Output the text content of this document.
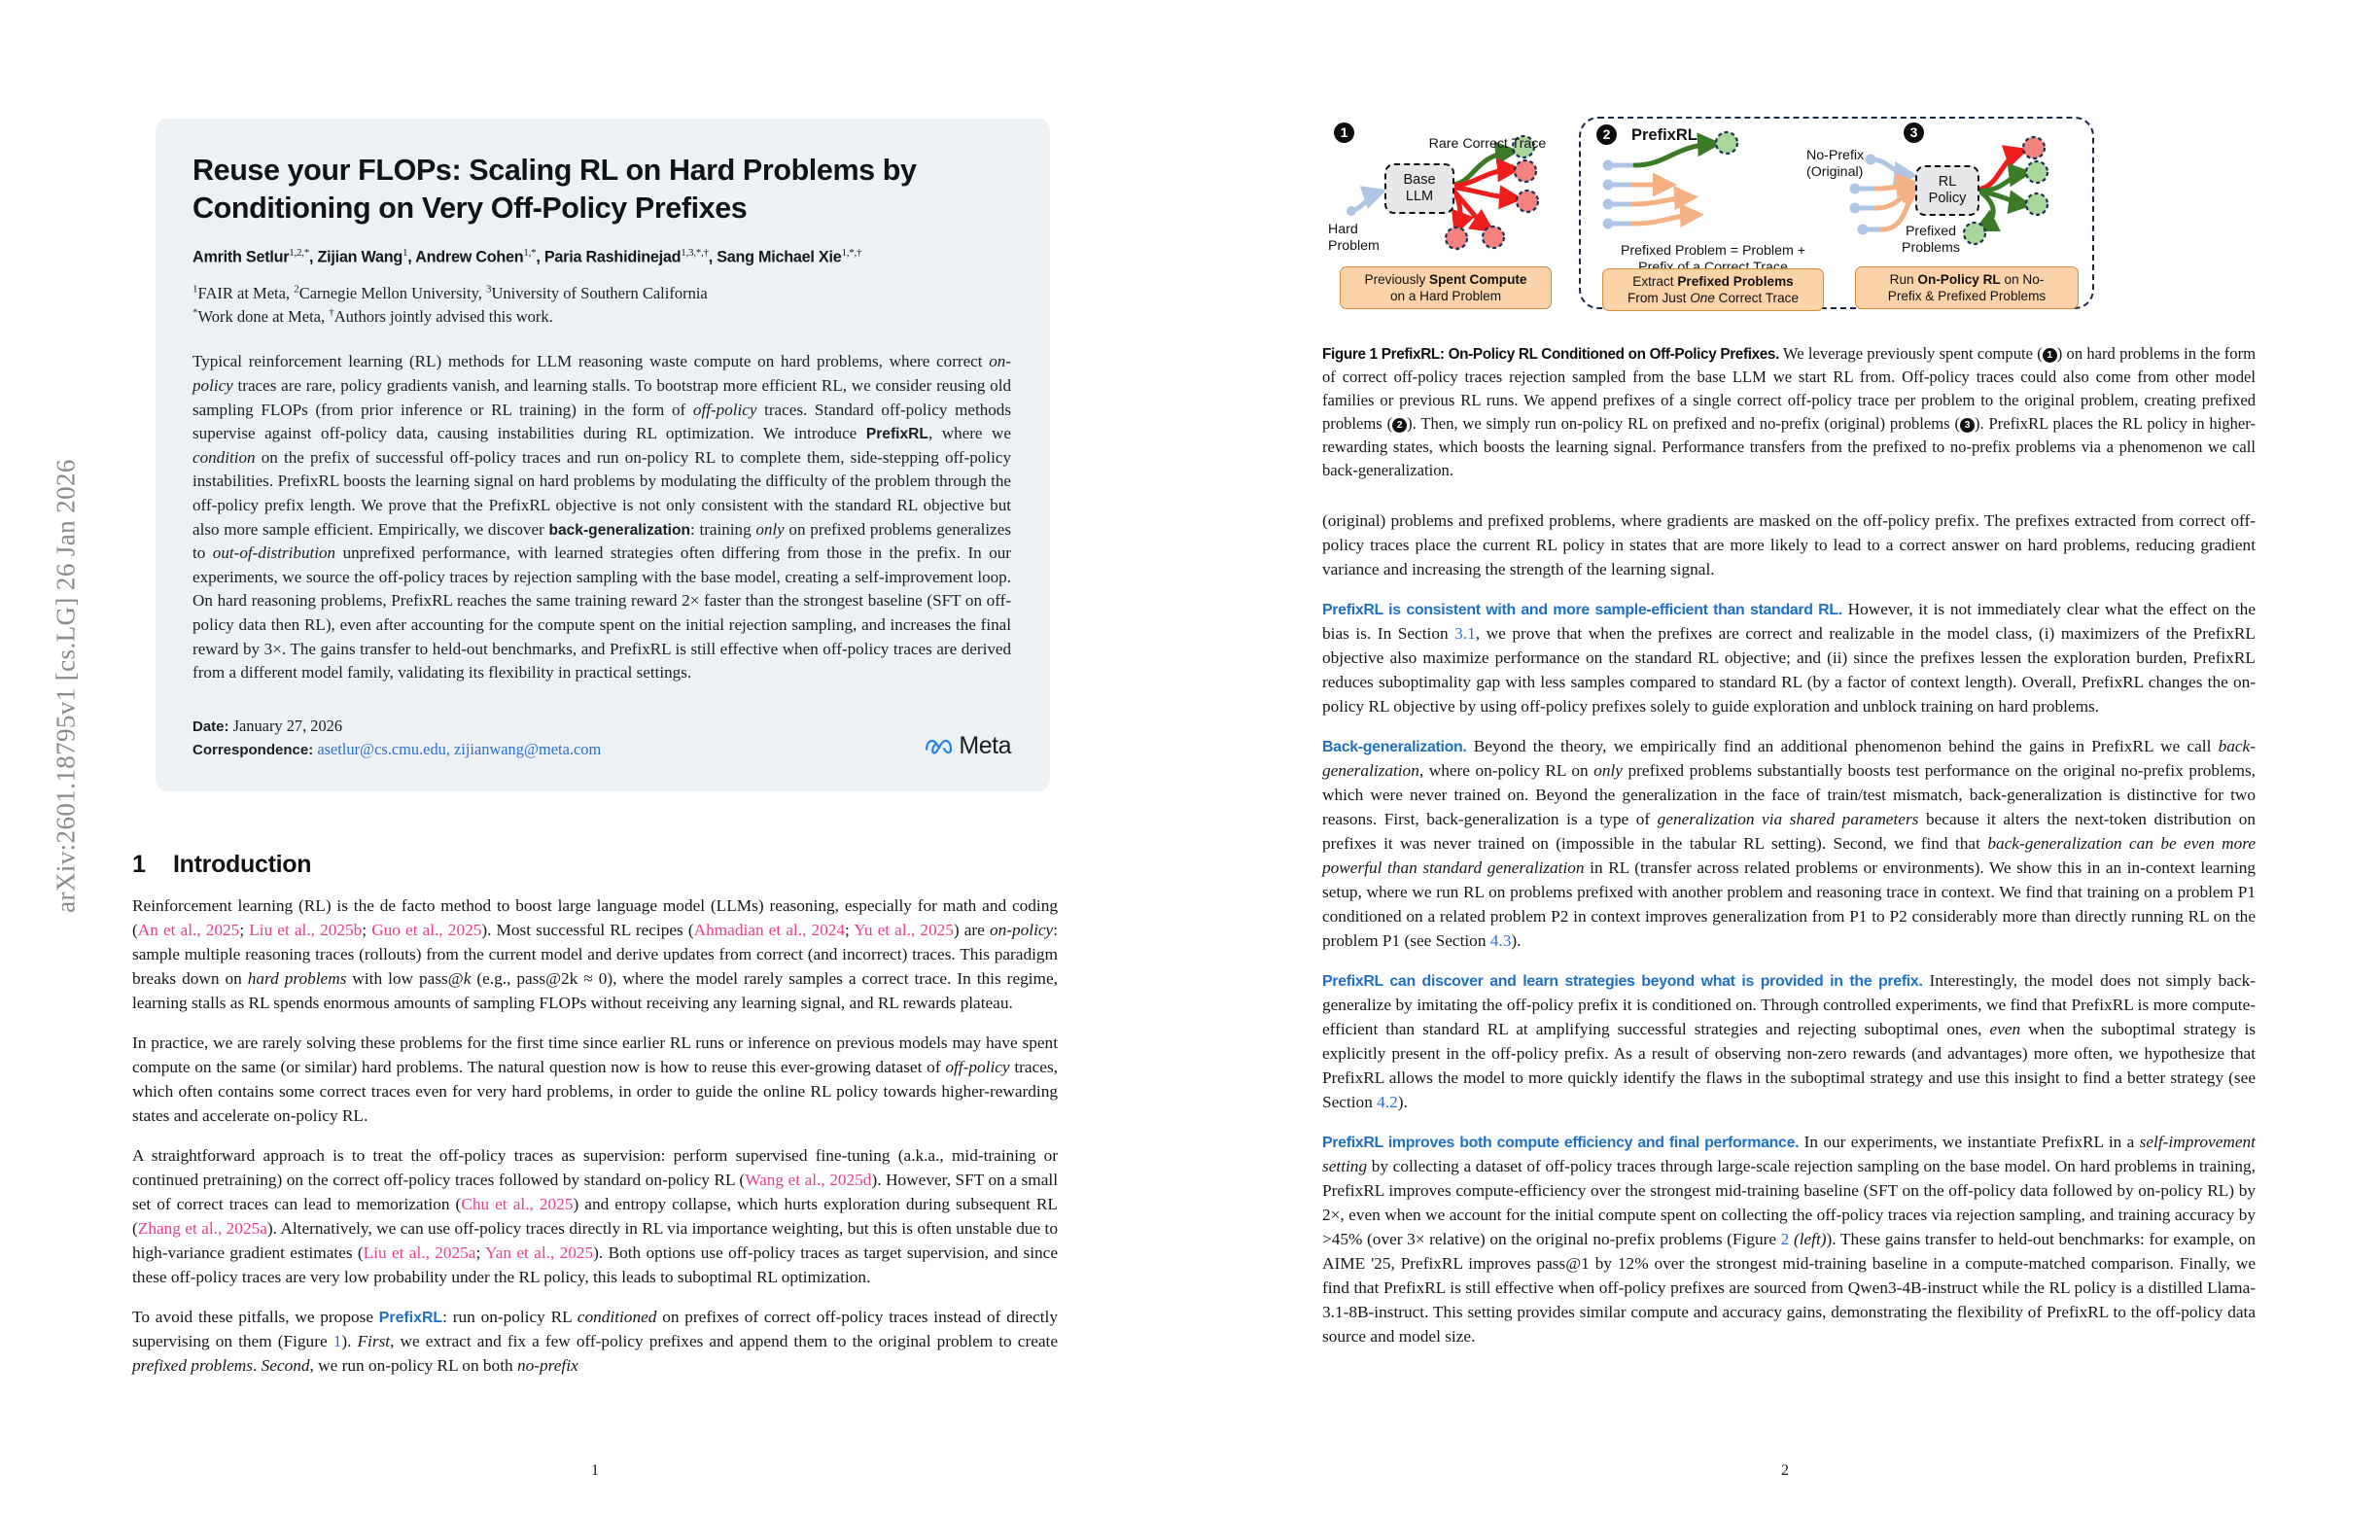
arXiv:2601.18795v1 [cs.LG] 26 Jan 2026
Reuse your FLOPs: Scaling RL on Hard Problems by Conditioning on Very Off-Policy Prefixes
Amrith Setlur$^{1,2,*}$, Zijian Wang$^1$, Andrew Cohen$^{1,*}$, Paria Rashidinejad$^{1,3,*,\dagger}$, Sang Michael Xie$^{1,*,\dagger}$
$^1$FAIR at Meta, $^2$Carnegie Mellon University, $^3$University of Southern California
*Work done at Meta, †Authors jointly advised this work.
Typical reinforcement learning (RL) methods for LLM reasoning waste compute on hard problems, where correct on-policy traces are rare, policy gradients vanish, and learning stalls. To bootstrap more efficient RL, we consider reusing old sampling FLOPs (from prior inference or RL training) in the form of off-policy traces. Standard off-policy methods supervise against off-policy data, causing instabilities during RL optimization. We introduce PrefixRL, where we condition on the prefix of successful off-policy traces and run on-policy RL to complete them, side-stepping off-policy instabilities. PrefixRL boosts the learning signal on hard problems by modulating the difficulty of the problem through the off-policy prefix length. We prove that the PrefixRL objective is not only consistent with the standard RL objective but also more sample efficient. Empirically, we discover back-generalization: training only on prefixed problems generalizes to out-of-distribution unprefixed performance, with learned strategies often differing from those in the prefix. In our experiments, we source the off-policy traces by rejection sampling with the base model, creating a self-improvement loop. On hard reasoning problems, PrefixRL reaches the same training reward 2× faster than the strongest baseline (SFT on off-policy data then RL), even after accounting for the compute spent on the initial rejection sampling, and increases the final reward by 3×. The gains transfer to held-out benchmarks, and PrefixRL is still effective when off-policy traces are derived from a different model family, validating its flexibility in practical settings.
Date: January 27, 2026
Correspondence: asetlur@cs.cmu.edu, zijianwang@meta.com	Meta
1 Introduction

Reinforcement learning (RL) is the de facto method to boost large language model (LLMs) reasoning, especially for math and coding (An et al., 2025; Liu et al., 2025b; Guo et al., 2025). Most successful RL recipes (Ahmadian et al., 2024; Yu et al., 2025) are on-policy: sample multiple reasoning traces (rollouts) from the current model and derive updates from correct (and incorrect) traces. This paradigm breaks down on hard problems with low pass@k (e.g., pass@2k ≈ 0), where the model rarely samples a correct trace. In this regime, learning stalls as RL spends enormous amounts of sampling FLOPs without receiving any learning signal, and RL rewards plateau.

In practice, we are rarely solving these problems for the first time since earlier RL runs or inference on previous models may have spent compute on the same (or similar) hard problems. The natural question now is how to reuse this ever-growing dataset of off-policy traces, which often contains some correct traces even for very hard problems, in order to guide the online RL policy towards higher-rewarding states and accelerate on-policy RL.

A straightforward approach is to treat the off-policy traces as supervision: perform supervised fine-tuning (a.k.a., mid-training or continued pretraining) on the correct off-policy traces followed by standard on-policy RL (Wang et al., 2025d). However, SFT on a small set of correct traces can lead to memorization (Chu et al., 2025) and entropy collapse, which hurts exploration during subsequent RL (Zhang et al., 2025a). Alternatively, we can use off-policy traces directly in RL via importance weighting, but this is often unstable due to high-variance gradient estimates (Liu et al., 2025a; Yan et al., 2025). Both options use off-policy traces as target supervision, and since these off-policy traces are very low probability under the RL policy, this leads to suboptimal RL optimization.

To avoid these pitfalls, we propose PrefixRL: run on-policy RL conditioned on prefixes of correct off-policy traces instead of directly supervising on them (Figure 1). First, we extract and fix a few off-policy prefixes and append them to the original problem to create prefixed problems. Second, we run on-policy RL on both no-prefix

1
1	2	3
PrefixRL
Rare Correct Trace
Base
LLM
Hard
Problem
Previously Spent Compute
on a Hard Problem
Prefixed Problem = Problem +
Extract Prefixed Problems
From Just One Correct Trace
No-Prefix
(Original)
RL
Policy
Prefixed
Problems
Run On-Policy RL on No-
Prefix & Prefixed Problems
Figure 1 PrefixRL: On-Policy RL Conditioned on Off-Policy Prefixes. We leverage previously spent compute ( 1 ) on hard problems in the form of correct off-policy traces rejection sampled from the base LLM we start RL from. Off-policy traces could also come from other model families or previous RL runs. We append prefixes of a single correct off-policy trace per problem to the original problem, creating prefixed problems ( 2 ). Then, we simply run on-policy RL on prefixed and no-prefix (original) problems ( 3 ). PrefixRL places the RL policy in higher-rewarding states, which boosts the learning signal. Performance transfers from the prefixed to no-prefix problems via a phenomenon we call back-generalization.

(original) problems and prefixed problems, where gradients are masked on the off-policy prefix. The prefixes extracted from correct off-policy traces place the current RL policy in states that are more likely to lead to a correct answer on hard problems, reducing gradient variance and increasing the strength of the learning signal.

PrefixRL is consistent with and more sample-efficient than standard RL. However, it is not immediately clear what the effect on the bias is. In Section 3.1, we prove that when the prefixes are correct and realizable in the model class, (i) maximizers of the PrefixRL objective also maximize performance on the standard RL objective; and (ii) since the prefixes lessen the exploration burden, PrefixRL reduces suboptimality gap with less samples compared to standard RL (by a factor of context length). Overall, PrefixRL changes the on-policy RL objective by using off-policy prefixes solely to guide exploration and unblock training on hard problems.

Back-generalization. Beyond the theory, we empirically find an additional phenomenon behind the gains in PrefixRL we call back-generalization, where on-policy RL on only prefixed problems substantially boosts test performance on the original no-prefix problems, which were never trained on. Beyond the generalization in the face of train/test mismatch, back-generalization is distinctive for two reasons. First, back-generalization is a type of generalization via shared parameters because it alters the next-token distribution on prefixes it was never trained on (impossible in the tabular RL setting). Second, we find that back-generalization can be even more powerful than standard generalization in RL (transfer across related problems or environments). We show this in an in-context learning setup, where we run RL on problems prefixed with another problem and reasoning trace in context. We find that training on a problem P1 conditioned on a related problem P2 in context improves generalization from P1 to P2 considerably more than directly running RL on the problem P1 (see Section 4.3).

PrefixRL can discover and learn strategies beyond what is provided in the prefix. Interestingly, the model does not simply back-generalize by imitating the off-policy prefix it is conditioned on. Through controlled experiments, we find that PrefixRL is more compute-efficient than standard RL at amplifying successful strategies and rejecting suboptimal ones, even when the suboptimal strategy is explicitly present in the off-policy prefix. As a result of observing non-zero rewards (and advantages) more often, we hypothesize that PrefixRL allows the model to more quickly identify the flaws in the suboptimal strategy and use this insight to find a better strategy (see Section 4.2).

PrefixRL improves both compute efficiency and final performance. In our experiments, we instantiate PrefixRL in a self-improvement setting by collecting a dataset of off-policy traces through large-scale rejection sampling on the base model. On hard problems in training, PrefixRL improves compute-efficiency over the strongest mid-training baseline (SFT on the off-policy data followed by on-policy RL) by 2×, even when we account for the initial compute spent on collecting the off-policy traces via rejection sampling, and training accuracy by >45% (over 3× relative) on the original no-prefix problems (Figure 2 (left)). These gains transfer to held-out benchmarks: for example, on AIME '25, PrefixRL improves pass@1 by 12% over the strongest mid-training baseline in a compute-matched comparison. Finally, we find that PrefixRL is still effective when off-policy prefixes are sourced from Qwen3-4B-instruct while the RL policy is a distilled Llama-3.1-8B-instruct. This setting provides similar compute and accuracy gains, demonstrating the flexibility of PrefixRL to the off-policy data source and model size.

2
